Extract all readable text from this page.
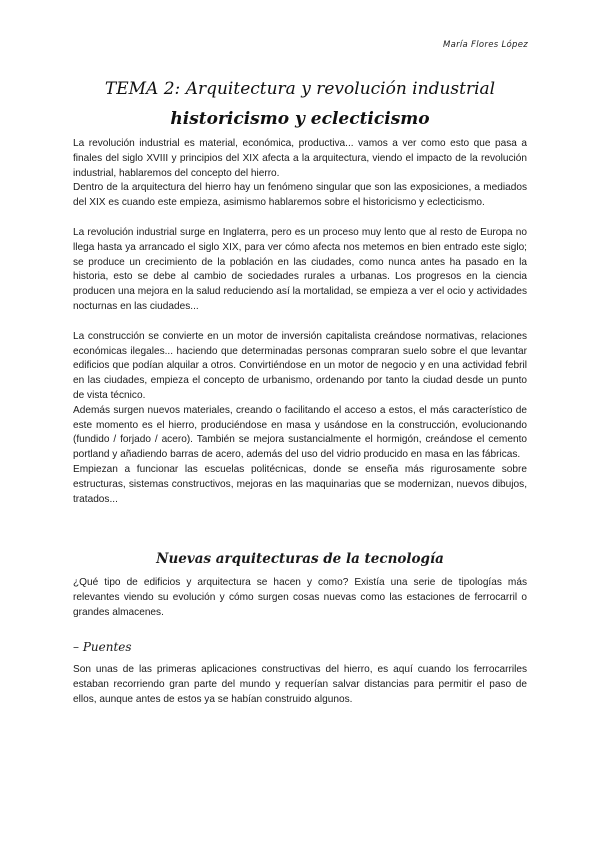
María Flores López
TEMA 2: Arquitectura y revolución industrial
historicismo y eclecticismo

La revolución industrial es material, económica, productiva... vamos a ver como esto que pasa a finales del siglo XVIII y principios del XIX afecta a la arquitectura, viendo el impacto de la revolución industrial, hablaremos del concepto del hierro.

Dentro de la arquitectura del hierro hay un fenómeno singular que son las exposiciones, a mediados del XIX es cuando este empieza, asimismo hablaremos sobre el historicismo y eclecticismo.

La revolución industrial surge en Inglaterra, pero es un proceso muy lento que al resto de Europa no llega hasta ya arrancado el siglo XIX, para ver cómo afecta nos metemos en bien entrado este siglo; se produce un crecimiento de la población en las ciudades, como nunca antes ha pasado en la historia, esto se debe al cambio de sociedades rurales a urbanas. Los progresos en la ciencia producen una mejora en la salud reduciendo así la mortalidad, se empieza a ver el ocio y actividades nocturnas en las ciudades...

La construcción se convierte en un motor de inversión capitalista creándose normativas, relaciones económicas ilegales... haciendo que determinadas personas compraran suelo sobre el que levantar edificios que podían alquilar a otros. Convirtiéndose en un motor de negocio y en una actividad febril en las ciudades, empieza el concepto de urbanismo, ordenando por tanto la ciudad desde un punto de vista técnico.

Además surgen nuevos materiales, creando o facilitando el acceso a estos, el más característico de este momento es el hierro, produciéndose en masa y usándose en la construcción, evolucionando (fundido / forjado / acero). También se mejora sustancialmente el hormigón, creándose el cemento portland y añadiendo barras de acero, además del uso del vidrio producido en masa en las fábricas.

Empiezan a funcionar las escuelas politécnicas, donde se enseña más rigurosamente sobre estructuras, sistemas constructivos, mejoras en las maquinarias que se modernizan, nuevos dibujos, tratados...

Nuevas arquitecturas de la tecnología

¿Qué tipo de edificios y arquitectura se hacen y como? Existía una serie de tipologías más relevantes viendo su evolución y cómo surgen cosas nuevas como las estaciones de ferrocarril o grandes almacenes.

– Puentes

Son unas de las primeras aplicaciones constructivas del hierro, es aquí cuando los ferrocarriles estaban recorriendo gran parte del mundo y requerían salvar distancias para permitir el paso de ellos, aunque antes de estos ya se habían construido algunos.
